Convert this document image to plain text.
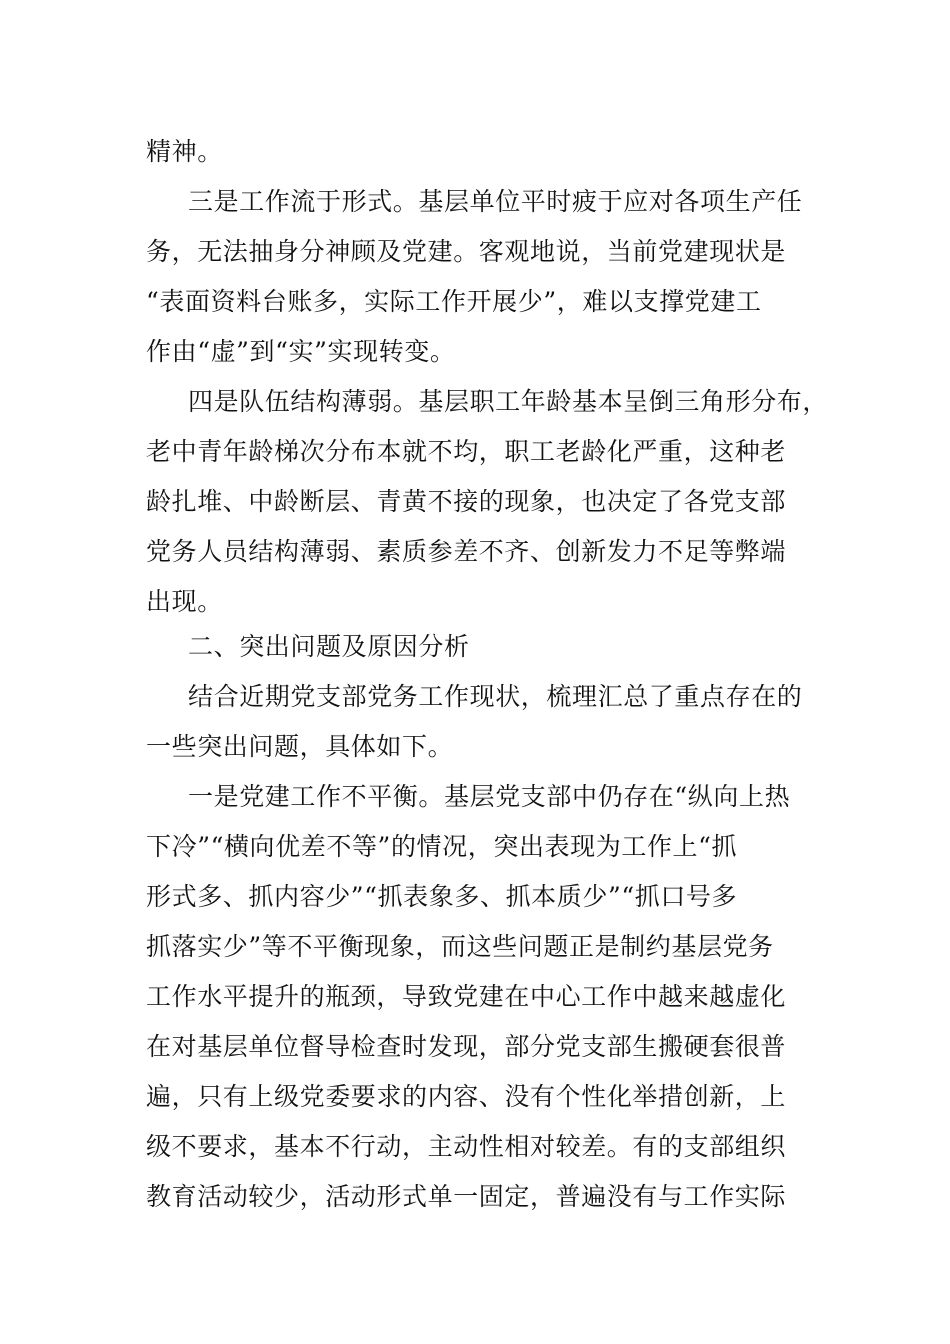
精神。
三是工作流于形式。基层单位平时疲于应对各项生产任
务，无法抽身分神顾及党建。客观地说，当前党建现状是
“表面资料台账多，实际工作开展少”，难以支撑党建工
作由“虚”到“实”实现转变。
四是队伍结构薄弱。基层职工年龄基本呈倒三角形分布，
老中青年龄梯次分布本就不均，职工老龄化严重，这种老
龄扎堆、中龄断层、青黄不接的现象，也决定了各党支部
党务人员结构薄弱、素质参差不齐、创新发力不足等弊端
出现。
二、突出问题及原因分析
结合近期党支部党务工作现状，梳理汇总了重点存在的
一些突出问题，具体如下。
一是党建工作不平衡。基层党支部中仍存在“纵向上热
下冷”“横向优差不等”的情况，突出表现为工作上“抓
形式多、抓内容少”“抓表象多、抓本质少”“抓口号多
抓落实少”等不平衡现象，而这些问题正是制约基层党务
工作水平提升的瓶颈，导致党建在中心工作中越来越虚化
在对基层单位督导检查时发现，部分党支部生搬硬套很普
遍，只有上级党委要求的内容、没有个性化举措创新，上
级不要求，基本不行动，主动性相对较差。有的支部组织
教育活动较少，活动形式单一固定，普遍没有与工作实际
